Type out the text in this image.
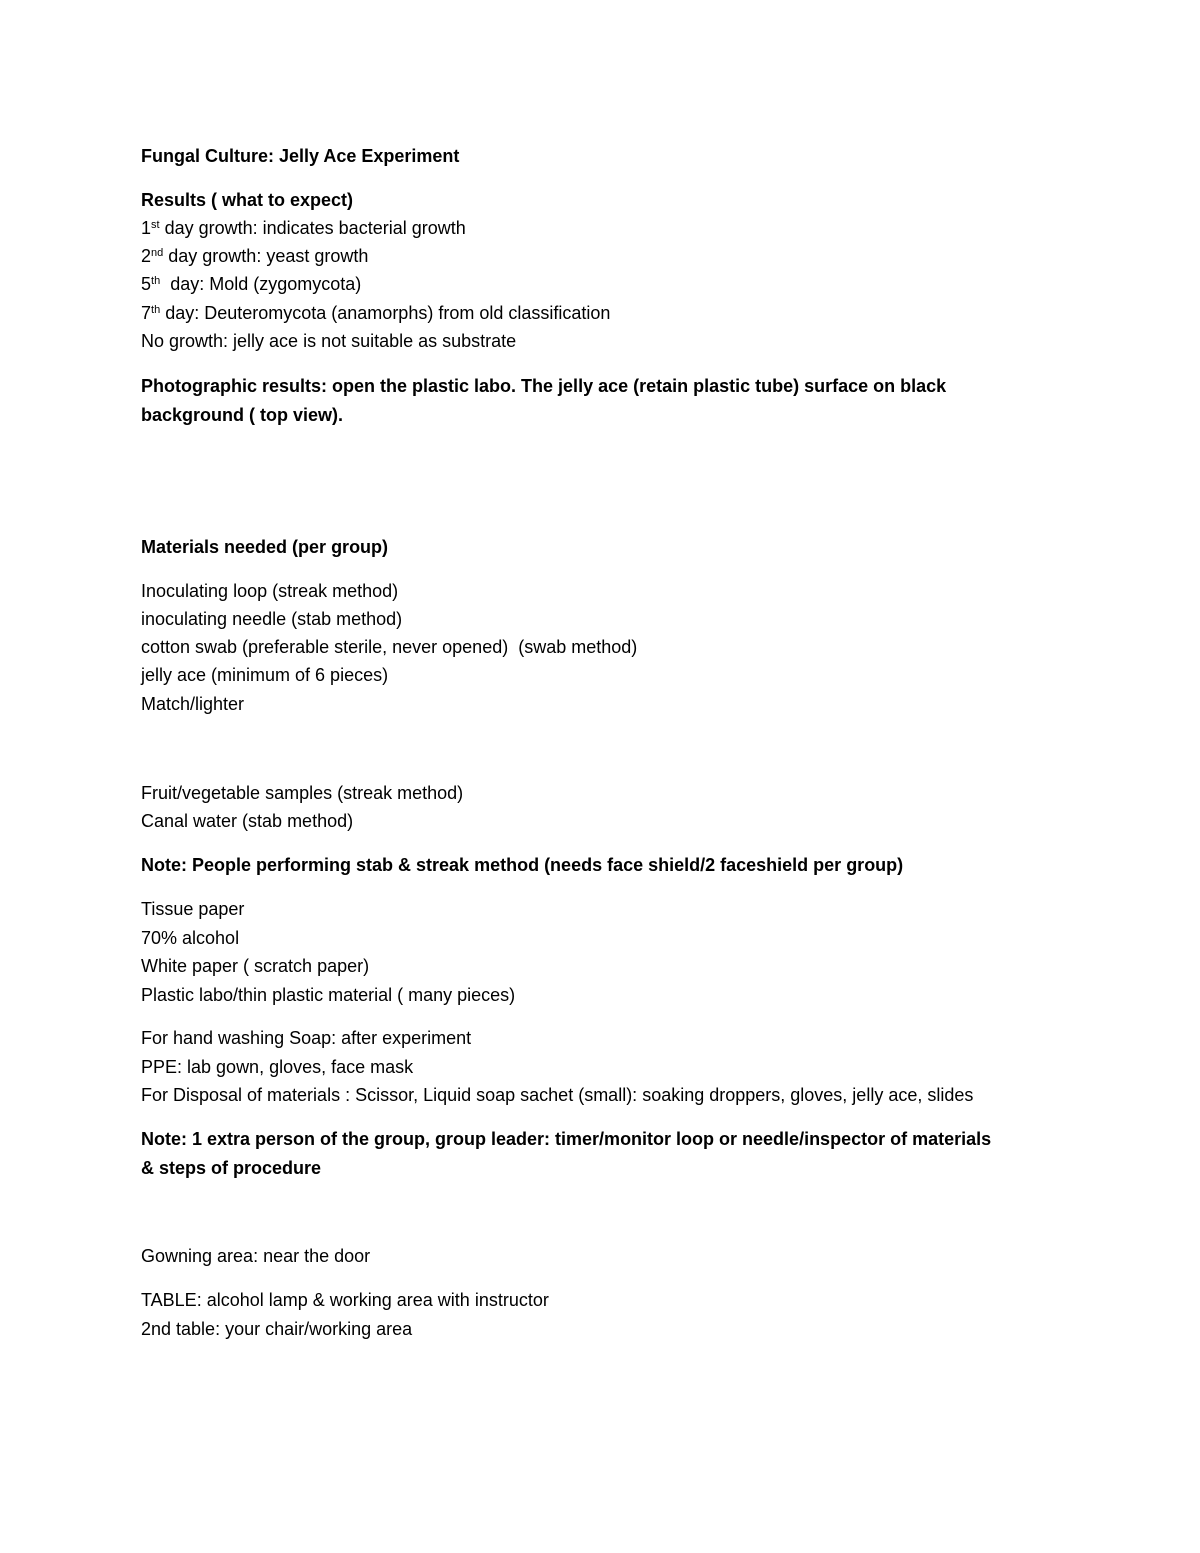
Fungal Culture: Jelly Ace Experiment
Results ( what to expect)
1st day growth: indicates bacterial growth
2nd day growth: yeast growth
5th  day: Mold (zygomycota)
7th day: Deuteromycota (anamorphs) from old classification
No growth: jelly ace is not suitable as substrate
Photographic results: open the plastic labo. The jelly ace (retain plastic tube) surface on black
background ( top view).
Materials needed (per group)
Inoculating loop (streak method)
inoculating needle (stab method)
cotton swab (preferable sterile, never opened)  (swab method)
jelly ace (minimum of 6 pieces)
Match/lighter
Fruit/vegetable samples (streak method)
Canal water (stab method)
Note: People performing stab & streak method (needs face shield/2 faceshield per group)
Tissue paper
70% alcohol
White paper ( scratch paper)
Plastic labo/thin plastic material ( many pieces)
For hand washing Soap: after experiment
PPE: lab gown, gloves, face mask
For Disposal of materials : Scissor, Liquid soap sachet (small): soaking droppers, gloves, jelly ace, slides
Note: 1 extra person of the group, group leader: timer/monitor loop or needle/inspector of materials
& steps of procedure
Gowning area: near the door
TABLE: alcohol lamp & working area with instructor
2nd table: your chair/working area
